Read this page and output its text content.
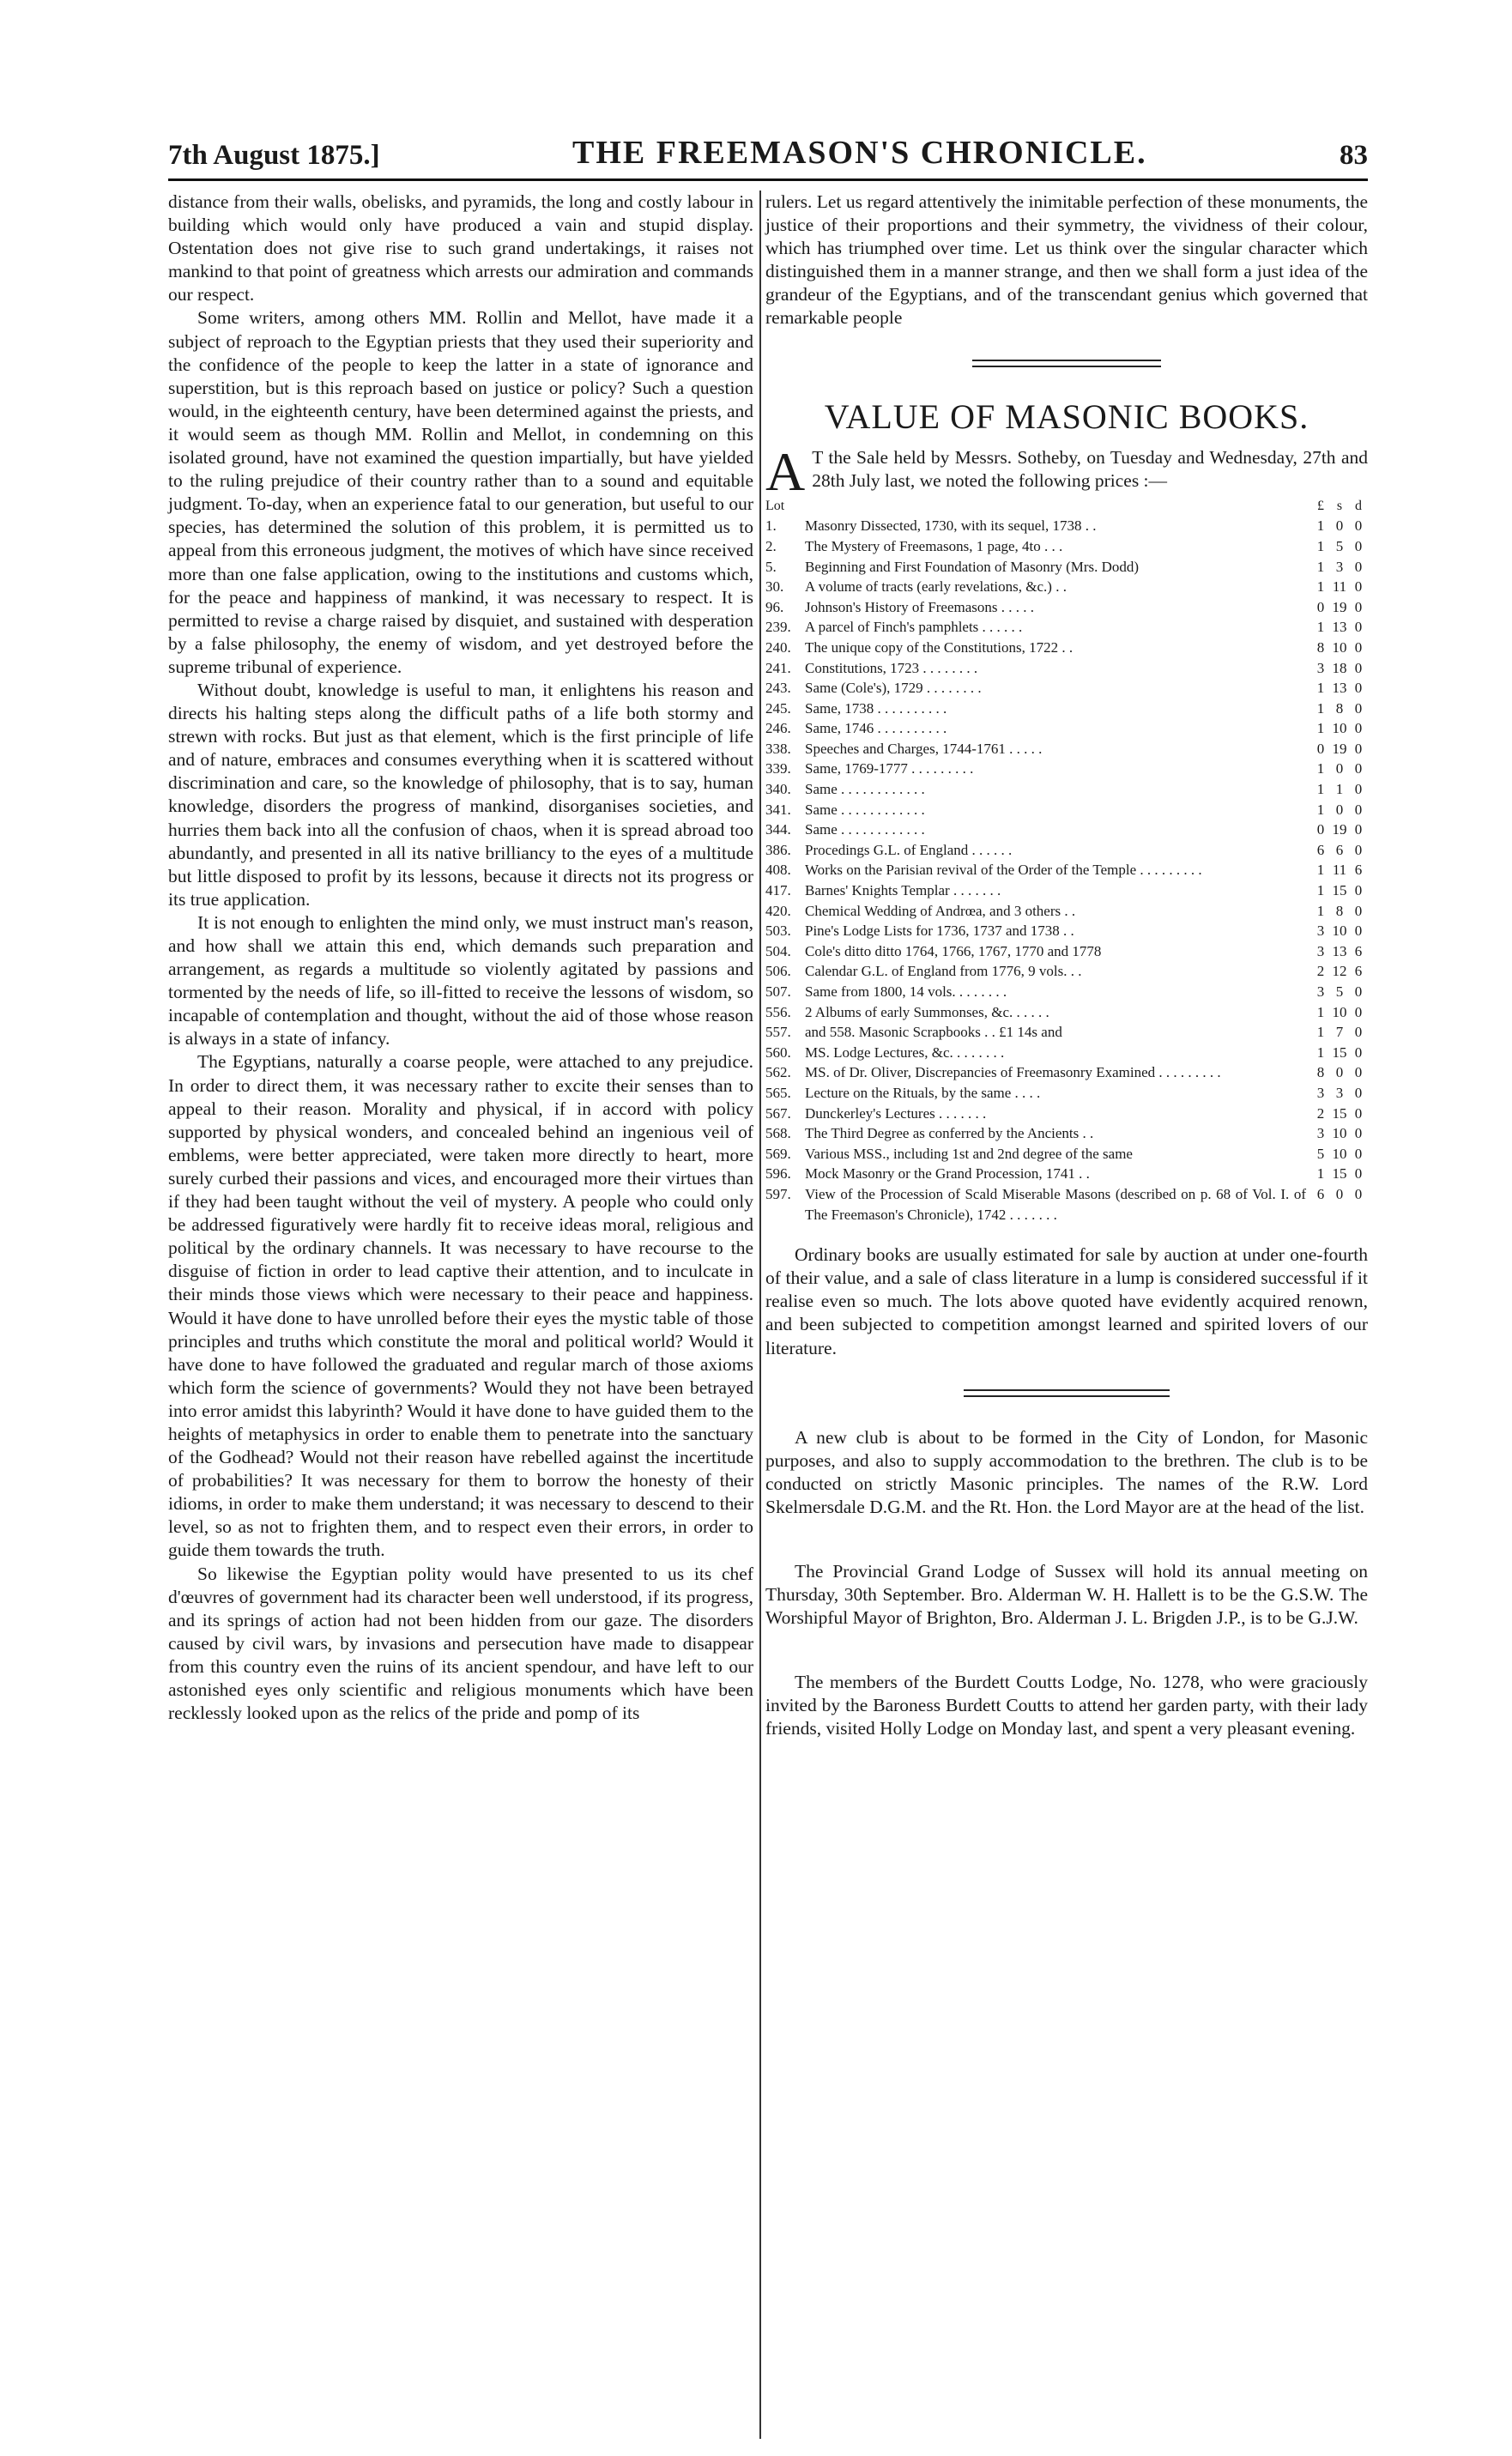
7th August 1875.]	THE FREEMASON'S CHRONICLE.	83

distance from their walls, obelisks, and pyramids, the long and costly labour in building which would only have produced a vain and stupid display. Ostentation does not give rise to such grand undertakings, it raises not mankind to that point of greatness which arrests our admiration and commands our respect.

Some writers, among others MM. Rollin and Mellot, have made it a subject of reproach to the Egyptian priests that they used their superiority and the confidence of the people to keep the latter in a state of ignorance and superstition, but is this reproach based on justice or policy? Such a question would, in the eighteenth century, have been determined against the priests, and it would seem as though MM. Rollin and Mellot, in condemning on this isolated ground, have not examined the question impartially, but have yielded to the ruling prejudice of their country rather than to a sound and equitable judgment. To-day, when an experience fatal to our generation, but useful to our species, has determined the solution of this problem, it is permitted us to appeal from this erroneous judgment, the motives of which have since received more than one false application, owing to the institutions and customs which, for the peace and happiness of mankind, it was necessary to respect. It is permitted to revise a charge raised by disquiet, and sustained with desperation by a false philosophy, the enemy of wisdom, and yet destroyed before the supreme tribunal of experience.

Without doubt, knowledge is useful to man, it enlightens his reason and directs his halting steps along the difficult paths of a life both stormy and strewn with rocks. But just as that element, which is the first principle of life and of nature, embraces and consumes everything when it is scattered without discrimination and care, so the knowledge of philosophy, that is to say, human knowledge, disorders the progress of mankind, disorganises societies, and hurries them back into all the confusion of chaos, when it is spread abroad too abundantly, and presented in all its native brilliancy to the eyes of a multitude but little disposed to profit by its lessons, because it directs not its progress or its true application.

It is not enough to enlighten the mind only, we must instruct man's reason, and how shall we attain this end, which demands such preparation and arrangement, as regards a multitude so violently agitated by passions and tormented by the needs of life, so ill-fitted to receive the lessons of wisdom, so incapable of contemplation and thought, without the aid of those whose reason is always in a state of infancy.

The Egyptians, naturally a coarse people, were attached to any prejudice. In order to direct them, it was necessary rather to excite their senses than to appeal to their reason. Morality and physical, if in accord with policy supported by physical wonders, and concealed behind an ingenious veil of emblems, were better appreciated, were taken more directly to heart, more surely curbed their passions and vices, and encouraged more their virtues than if they had been taught without the veil of mystery. A people who could only be addressed figuratively were hardly fit to receive ideas moral, religious and political by the ordinary channels. It was necessary to have recourse to the disguise of fiction in order to lead captive their attention, and to inculcate in their minds those views which were necessary to their peace and happiness. Would it have done to have unrolled before their eyes the mystic table of those principles and truths which constitute the moral and political world? Would it have done to have followed the graduated and regular march of those axioms which form the science of governments? Would they not have been betrayed into error amidst this labyrinth? Would it have done to have guided them to the heights of metaphysics in order to enable them to penetrate into the sanctuary of the Godhead? Would not their reason have rebelled against the incertitude of probabilities? It was necessary for them to borrow the honesty of their idioms, in order to make them understand; it was necessary to descend to their level, so as not to frighten them, and to respect even their errors, in order to guide them towards the truth.

So likewise the Egyptian polity would have presented to us its chef d'œuvres of government had its character been well understood, if its progress, and its springs of action had not been hidden from our gaze. The disorders caused by civil wars, by invasions and persecution have made to disappear from this country even the ruins of its ancient spendour, and have left to our astonished eyes only scientific and religious monuments which have been recklessly looked upon as the relics of the pride and pomp of its

rulers. Let us regard attentively the inimitable perfection of these monuments, the justice of their proportions and their symmetry, the vividness of their colour, which has triumphed over time. Let us think over the singular character which distinguished them in a manner strange, and then we shall form a just idea of the grandeur of the Egyptians, and of the transcendant genius which governed that remarkable people

VALUE OF MASONIC BOOKS.
A T the Sale held by Messrs. Sotheby, on Tuesday and Wednesday, 27th and 28th July last, we noted the following prices :—

Lot		£	s	d
1.	Masonry Dissected, 1730, with its sequel, 1738 . .	1	0	0
2.	The Mystery of Freemasons, 1 page, 4to . . .	1	5	0
5.	Beginning and First Foundation of Masonry (Mrs. Dodd)	1	3	0
30.	A volume of tracts (early revelations, &c.) . .	1	11	0
96.	Johnson's History of Freemasons . . . . .	0	19	0
239.	A parcel of Finch's pamphlets . . . . . .	1	13	0
240.	The unique copy of the Constitutions, 1722 . .	8	10	0
241.	Constitutions, 1723 . . . . . . . .	3	18	0
243.	Same (Cole's), 1729 . . . . . . . .	1	13	0
245.	Same, 1738 . . . . . . . . . .	1	8	0
246.	Same, 1746 . . . . . . . . . .	1	10	0
338.	Speeches and Charges, 1744-1761 . . . . .	0	19	0
339.	Same, 1769-1777 . . . . . . . . .	1	0	0
340.	Same . . . . . . . . . . . .	1	1	0
341.	Same . . . . . . . . . . . .	1	0	0
344.	Same . . . . . . . . . . . .	0	19	0
386.	Procedings G.L. of England . . . . . .	6	6	0
408.	Works on the Parisian revival of the Order of the Temple . . . . . . . . .	1	11	6
417.	Barnes' Knights Templar . . . . . . .	1	15	0
420.	Chemical Wedding of Andrœa, and 3 others . .	1	8	0
503.	Pine's Lodge Lists for 1736, 1737 and 1738 . .	3	10	0
504.	Cole's ditto ditto 1764, 1766, 1767, 1770 and 1778	3	13	6
506.	Calendar G.L. of England from 1776, 9 vols. . .	2	12	6
507.	Same from 1800, 14 vols. . . . . . . .	3	5	0
556.	2 Albums of early Summonses, &c. . . . . .	1	10	0
557.	and 558. Masonic Scrapbooks . . £1 14s and	1	7	0
560.	MS. Lodge Lectures, &c. . . . . . . .	1	15	0
562.	MS. of Dr. Oliver, Discrepancies of Freemasonry Examined . . . . . . . . .	8	0	0
565.	Lecture on the Rituals, by the same . . . .	3	3	0
567.	Dunckerley's Lectures . . . . . . .	2	15	0
568.	The Third Degree as conferred by the Ancients . .	3	10	0
569.	Various MSS., including 1st and 2nd degree of the same	5	10	0
596.	Mock Masonry or the Grand Procession, 1741 . .	1	15	0
597.	View of the Procession of Scald Miserable Masons (described on p. 68 of Vol. I. of The Freemason's Chronicle), 1742 . . . . . . .	6	0	0

Ordinary books are usually estimated for sale by auction at under one-fourth of their value, and a sale of class literature in a lump is considered successful if it realise even so much. The lots above quoted have evidently acquired renown, and been subjected to competition amongst learned and spirited lovers of our literature.

A new club is about to be formed in the City of London, for Masonic purposes, and also to supply accommodation to the brethren. The club is to be conducted on strictly Masonic principles. The names of the R.W. Lord Skelmersdale D.G.M. and the Rt. Hon. the Lord Mayor are at the head of the list.

The Provincial Grand Lodge of Sussex will hold its annual meeting on Thursday, 30th September. Bro. Alderman W. H. Hallett is to be the G.S.W. The Worshipful Mayor of Brighton, Bro. Alderman J. L. Brigden J.P., is to be G.J.W.

The members of the Burdett Coutts Lodge, No. 1278, who were graciously invited by the Baroness Burdett Coutts to attend her garden party, with their lady friends, visited Holly Lodge on Monday last, and spent a very pleasant evening.
